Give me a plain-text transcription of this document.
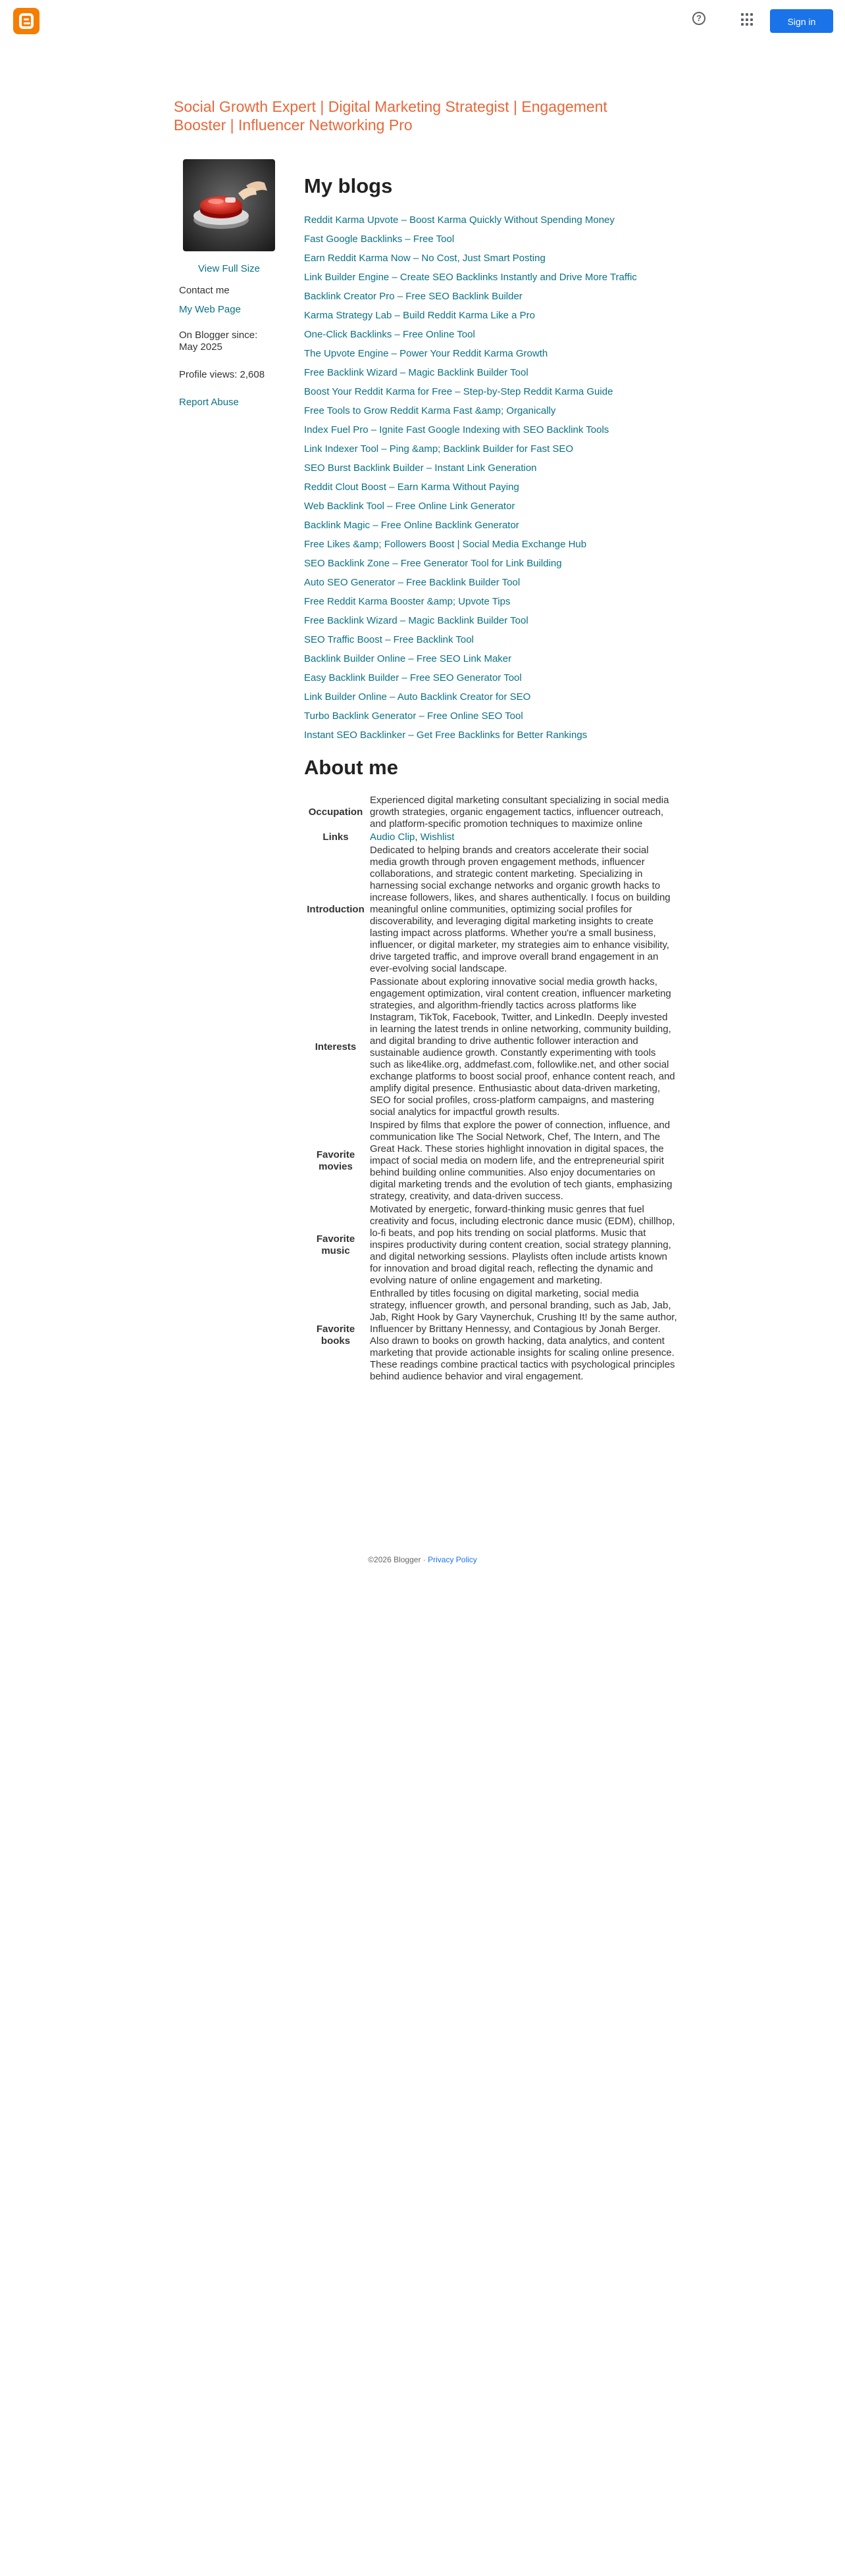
?	Sign in
Social Growth Expert | Digital Marketing Strategist | Engagement Booster | Influencer Networking Pro
View Full Size
Contact me
My Web Page
On Blogger since:
May 2025
Profile views: 2,608
Report Abuse
My blogs
Reddit Karma Upvote – Boost Karma Quickly Without Spending Money
Fast Google Backlinks – Free Tool
Earn Reddit Karma Now – No Cost, Just Smart Posting
Link Builder Engine – Create SEO Backlinks Instantly and Drive More Traffic
Backlink Creator Pro – Free SEO Backlink Builder
Karma Strategy Lab – Build Reddit Karma Like a Pro
One-Click Backlinks – Free Online Tool
The Upvote Engine – Power Your Reddit Karma Growth
Free Backlink Wizard – Magic Backlink Builder Tool
Boost Your Reddit Karma for Free – Step-by-Step Reddit Karma Guide
Free Tools to Grow Reddit Karma Fast &amp; Organically
Index Fuel Pro – Ignite Fast Google Indexing with SEO Backlink Tools
Link Indexer Tool – Ping &amp; Backlink Builder for Fast SEO
SEO Burst Backlink Builder – Instant Link Generation
Reddit Clout Boost – Earn Karma Without Paying
Web Backlink Tool – Free Online Link Generator
Backlink Magic – Free Online Backlink Generator
Free Likes &amp; Followers Boost | Social Media Exchange Hub
SEO Backlink Zone – Free Generator Tool for Link Building
Auto SEO Generator – Free Backlink Builder Tool
Free Reddit Karma Booster &amp; Upvote Tips
Free Backlink Wizard – Magic Backlink Builder Tool
SEO Traffic Boost – Free Backlink Tool
Backlink Builder Online – Free SEO Link Maker
Easy Backlink Builder – Free SEO Generator Tool
Link Builder Online – Auto Backlink Creator for SEO
Turbo Backlink Generator – Free Online SEO Tool
Instant SEO Backlinker – Get Free Backlinks for Better Rankings
About me
Occupation	Experienced digital marketing consultant specializing in social media growth strategies, organic engagement tactics, influencer outreach, and platform-specific promotion techniques to maximize online
Links	Audio Clip, Wishlist
Introduction	Dedicated to helping brands and creators accelerate their social media growth through proven engagement methods, influencer collaborations, and strategic content marketing. Specializing in harnessing social exchange networks and organic growth hacks to increase followers, likes, and shares authentically. I focus on building meaningful online communities, optimizing social profiles for discoverability, and leveraging digital marketing insights to create lasting impact across platforms. Whether you're a small business, influencer, or digital marketer, my strategies aim to enhance visibility, drive targeted traffic, and improve overall brand engagement in an ever-evolving social landscape.
Interests	Passionate about exploring innovative social media growth hacks, engagement optimization, viral content creation, influencer marketing strategies, and algorithm-friendly tactics across platforms like Instagram, TikTok, Facebook, Twitter, and LinkedIn. Deeply invested in learning the latest trends in online networking, community building, and digital branding to drive authentic follower interaction and sustainable audience growth. Constantly experimenting with tools such as like4like.org, addmefast.com, followlike.net, and other social exchange platforms to boost social proof, enhance content reach, and amplify digital presence. Enthusiastic about data-driven marketing, SEO for social profiles, cross-platform campaigns, and mastering social analytics for impactful growth results.
Favorite movies	Inspired by films that explore the power of connection, influence, and communication like The Social Network, Chef, The Intern, and The Great Hack. These stories highlight innovation in digital spaces, the impact of social media on modern life, and the entrepreneurial spirit behind building online communities. Also enjoy documentaries on digital marketing trends and the evolution of tech giants, emphasizing strategy, creativity, and data-driven success.
Favorite music	Motivated by energetic, forward-thinking music genres that fuel creativity and focus, including electronic dance music (EDM), chillhop, lo-fi beats, and pop hits trending on social platforms. Music that inspires productivity during content creation, social strategy planning, and digital networking sessions. Playlists often include artists known for innovation and broad digital reach, reflecting the dynamic and evolving nature of online engagement and marketing.
Favorite books	Enthralled by titles focusing on digital marketing, social media strategy, influencer growth, and personal branding, such as Jab, Jab, Jab, Right Hook by Gary Vaynerchuk, Crushing It! by the same author, Influencer by Brittany Hennessy, and Contagious by Jonah Berger. Also drawn to books on growth hacking, data analytics, and content marketing that provide actionable insights for scaling online presence. These readings combine practical tactics with psychological principles behind audience behavior and viral engagement.
©2026 Blogger · Privacy Policy
